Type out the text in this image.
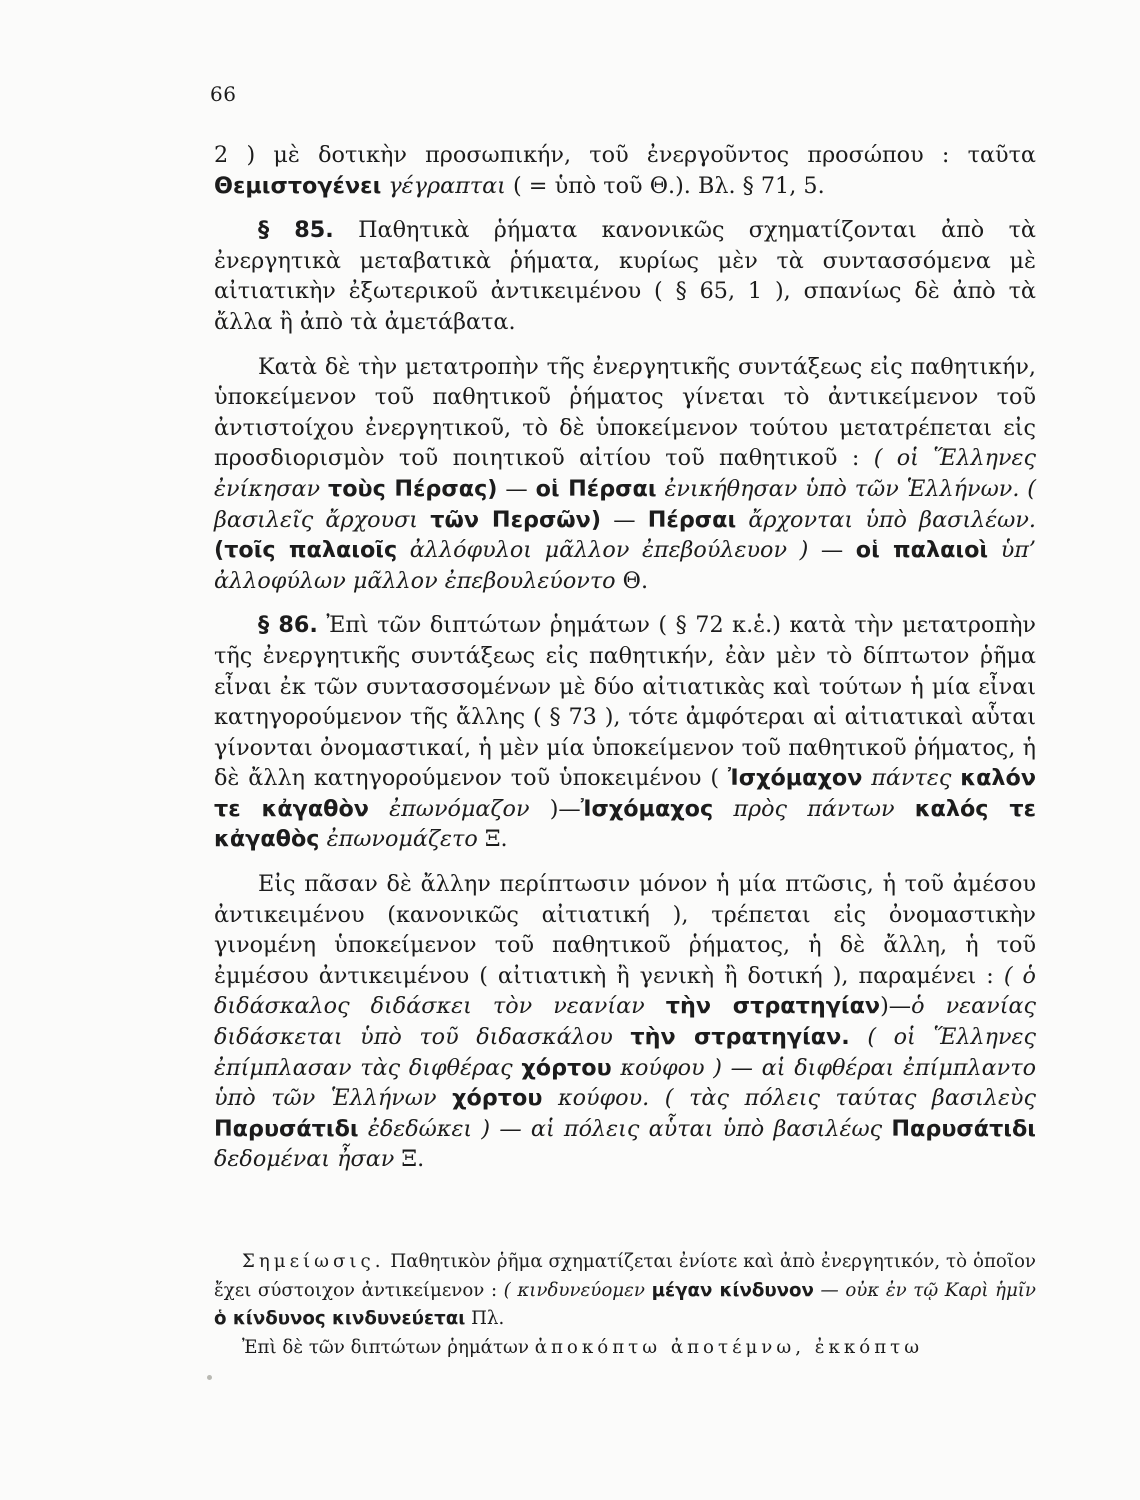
66

2 ) μὲ δοτικὴν προσωπικήν, τοῦ ἐνεργοῦντος προσώπου : ταῦτα Θεμιστογένει γέγραπται ( = ὑπὸ τοῦ Θ.). Βλ. § 71, 5.

§ 85. Παθητικὰ ῥήματα κανονικῶς σχηματίζονται ἀπὸ τὰ ἐνεργητικὰ μεταβατικὰ ῥήματα, κυρίως μὲν τὰ συντασσόμενα μὲ αἰτιατικὴν ἐξωτερικοῦ ἀντικειμένου ( § 65, 1 ), σπανίως δὲ ἀπὸ τὰ ἄλλα ἢ ἀπὸ τὰ ἀμετάβατα.

Κατὰ δὲ τὴν μετατροπὴν τῆς ἐνεργητικῆς συντάξεως εἰς παθητικήν, ὑποκείμενον τοῦ παθητικοῦ ῥήματος γίνεται τὸ ἀντικείμενον τοῦ ἀντιστοίχου ἐνεργητικοῦ, τὸ δὲ ὑποκείμενον τούτου μετατρέπεται εἰς προσδιορισμὸν τοῦ ποιητικοῦ αἰτίου τοῦ παθητικοῦ : ( οἱ Ἕλληνες ἐνίκησαν τοὺς Πέρσας) — οἱ Πέρσαι ἐνικήθησαν ὑπὸ τῶν Ἑλλήνων. ( βασιλεῖς ἄρχουσι τῶν Περσῶν) — Πέρσαι ἄρχονται ὑπὸ βασιλέων. (τοῖς παλαιοῖς ἀλλόφυλοι μᾶλλον ἐπεβούλευον ) — οἱ παλαιοὶ ὑπ’ ἀλλοφύλων μᾶλλον ἐπεβουλεύοντο Θ.

§ 86. Ἐπὶ τῶν διπτώτων ῥημάτων ( § 72 κ.ἑ.) κατὰ τὴν μετατροπὴν τῆς ἐνεργητικῆς συντάξεως εἰς παθητικήν, ἐὰν μὲν τὸ δίπτωτον ῥῆμα εἶναι ἐκ τῶν συντασσομένων μὲ δύο αἰτιατικὰς καὶ τούτων ἡ μία εἶναι κατηγορούμενον τῆς ἄλλης ( § 73 ), τότε ἀμφότεραι αἱ αἰτιατικαὶ αὗται γίνονται ὀνομαστικαί, ἡ μὲν μία ὑποκείμενον τοῦ παθητικοῦ ῥήματος, ἡ δὲ ἄλλη κατηγορούμενον τοῦ ὑποκειμένου ( Ἰσχόμαχον πάντες καλόν τε κἀγαθὸν ἐπωνόμαζον )—Ἰσχόμαχος πρὸς πάντων καλός τε κἀγαθὸς ἐπωνομάζετο Ξ.

Εἰς πᾶσαν δὲ ἄλλην περίπτωσιν μόνον ἡ μία πτῶσις, ἡ τοῦ ἀμέσου ἀντικειμένου (κανονικῶς αἰτιατική ), τρέπεται εἰς ὀνομαστικὴν γινομένη ὑποκείμενον τοῦ παθητικοῦ ῥήματος, ἡ δὲ ἄλλη, ἡ τοῦ ἐμμέσου ἀντικειμένου ( αἰτιατικὴ ἢ γενικὴ ἢ δοτική ), παραμένει : ( ὁ διδάσκαλος διδάσκει τὸν νεανίαν τὴν στρατηγίαν)—ὁ νεανίας διδάσκεται ὑπὸ τοῦ διδασκάλου τὴν στρατηγίαν. ( οἱ Ἕλληνες ἐπίμπλασαν τὰς διφθέρας χόρτου κούφου ) — αἱ διφθέραι ἐπίμπλαντο ὑπὸ τῶν Ἑλλήνων χόρτου κούφου. ( τὰς πόλεις ταύτας βασιλεὺς Παρυσάτιδι ἐδεδώκει ) — αἱ πόλεις αὗται ὑπὸ βασιλέως Παρυσάτιδι δεδομέναι ἦσαν Ξ.

Σημείωσις. Παθητικὸν ῥῆμα σχηματίζεται ἐνίοτε καὶ ἀπὸ ἐνεργητικόν, τὸ ὁποῖον ἔχει σύστοιχον ἀντικείμενον : ( κινδυνεύομεν μέγαν κίνδυνον — οὐκ ἐν τῷ Καρὶ ἡμῖν ὁ κίνδυνος κινδυνεύεται Πλ.

Ἐπὶ δὲ τῶν διπτώτων ῥημάτων ἀποκόπτω ἀποτέμνω, ἐκκόπτω
